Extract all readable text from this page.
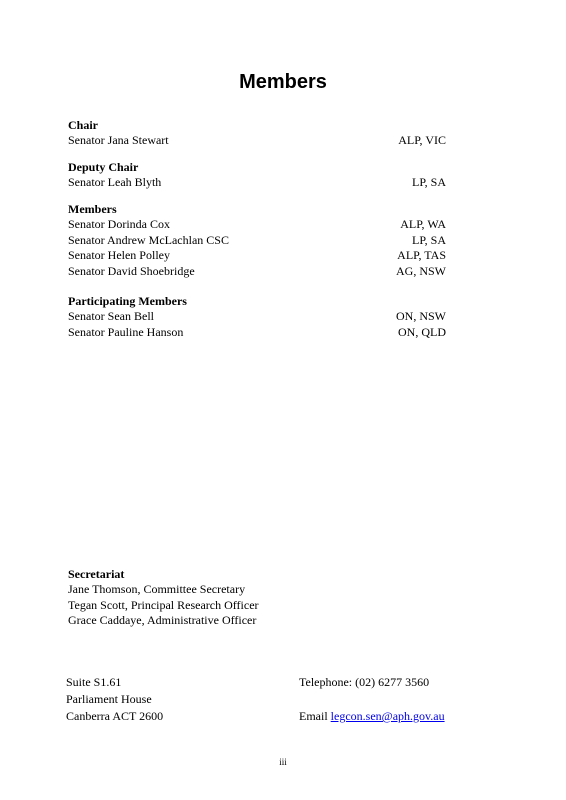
Members
Chair
Senator Jana Stewart	ALP, VIC
Deputy Chair
Senator Leah Blyth	LP, SA
Members
Senator Dorinda Cox	ALP, WA
Senator Andrew McLachlan CSC	LP, SA
Senator Helen Polley	ALP, TAS
Senator David Shoebridge	AG, NSW
Participating Members
Senator Sean Bell	ON, NSW
Senator Pauline Hanson	ON, QLD
Secretariat
Jane Thomson, Committee Secretary
Tegan Scott, Principal Research Officer
Grace Caddaye, Administrative Officer
Suite S1.61
Parliament House
Canberra ACT 2600
Telephone: (02) 6277 3560
Email legcon.sen@aph.gov.au
iii
